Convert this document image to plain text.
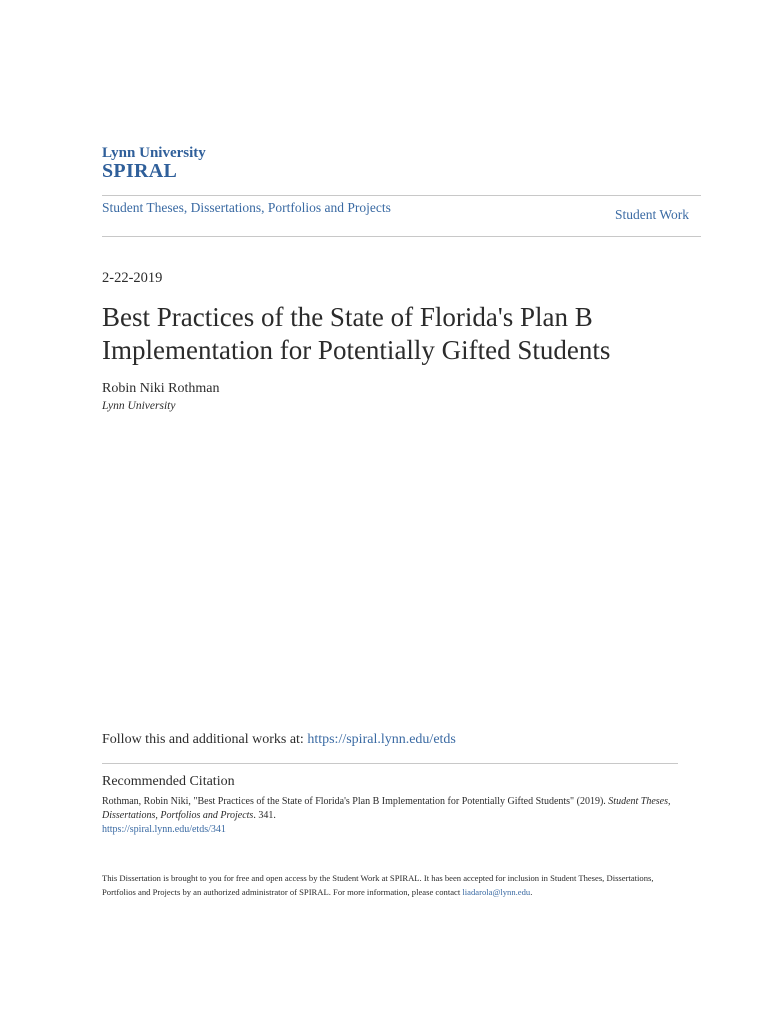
Lynn University
SPIRAL
Student Theses, Dissertations, Portfolios and Projects	Student Work
2-22-2019
Best Practices of the State of Florida's Plan B Implementation for Potentially Gifted Students
Robin Niki Rothman
Lynn University
Follow this and additional works at: https://spiral.lynn.edu/etds
Recommended Citation
Rothman, Robin Niki, "Best Practices of the State of Florida's Plan B Implementation for Potentially Gifted Students" (2019). Student Theses, Dissertations, Portfolios and Projects. 341.
https://spiral.lynn.edu/etds/341
This Dissertation is brought to you for free and open access by the Student Work at SPIRAL. It has been accepted for inclusion in Student Theses, Dissertations, Portfolios and Projects by an authorized administrator of SPIRAL. For more information, please contact liadarola@lynn.edu.
